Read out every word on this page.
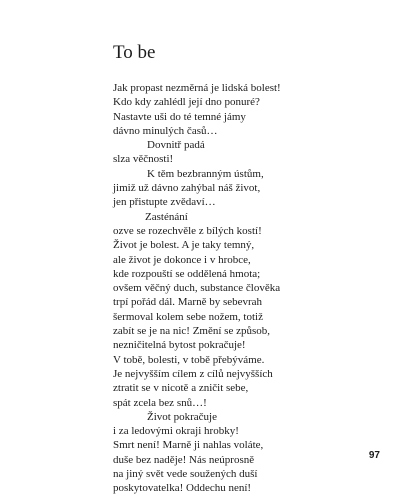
To be
Jak propast nezměrná je lidská bolest!
Kdo kdy zahlédl její dno ponuré?
Nastavte uši do té temné jámy
dávno minulých časů…
Dovnitř padá
slza věčnosti!
K těm bezbranným ústům,
jimiž už dávno zahýbal náš život,
jen přistupte zvědaví…
Zasténání
ozve se rozechvěle z bílých kostí!
Život je bolest. A je taky temný,
ale život je dokonce i v hrobce,
kde rozpouští se oddělená hmota;
ovšem věčný duch, substance člověka
trpí pořád dál. Marně by sebevrah
šermoval kolem sebe nožem, totiž
zabít se je na nic! Změní se způsob,
nezničitelná bytost pokračuje!
V tobě, bolesti, v tobě přebýváme.
Je nejvyšším cílem z cílů nejvyšších
ztratit se v nicotě a zničit sebe,
spát zcela bez snů…!
Život pokračuje
i za ledovými okraji hrobky!
Smrt není! Marně ji nahlas voláte,
duše bez naděje! Nás neúprosně
na jiný svět vede soužených duší
poskytovatelka! Oddechu není!
97
